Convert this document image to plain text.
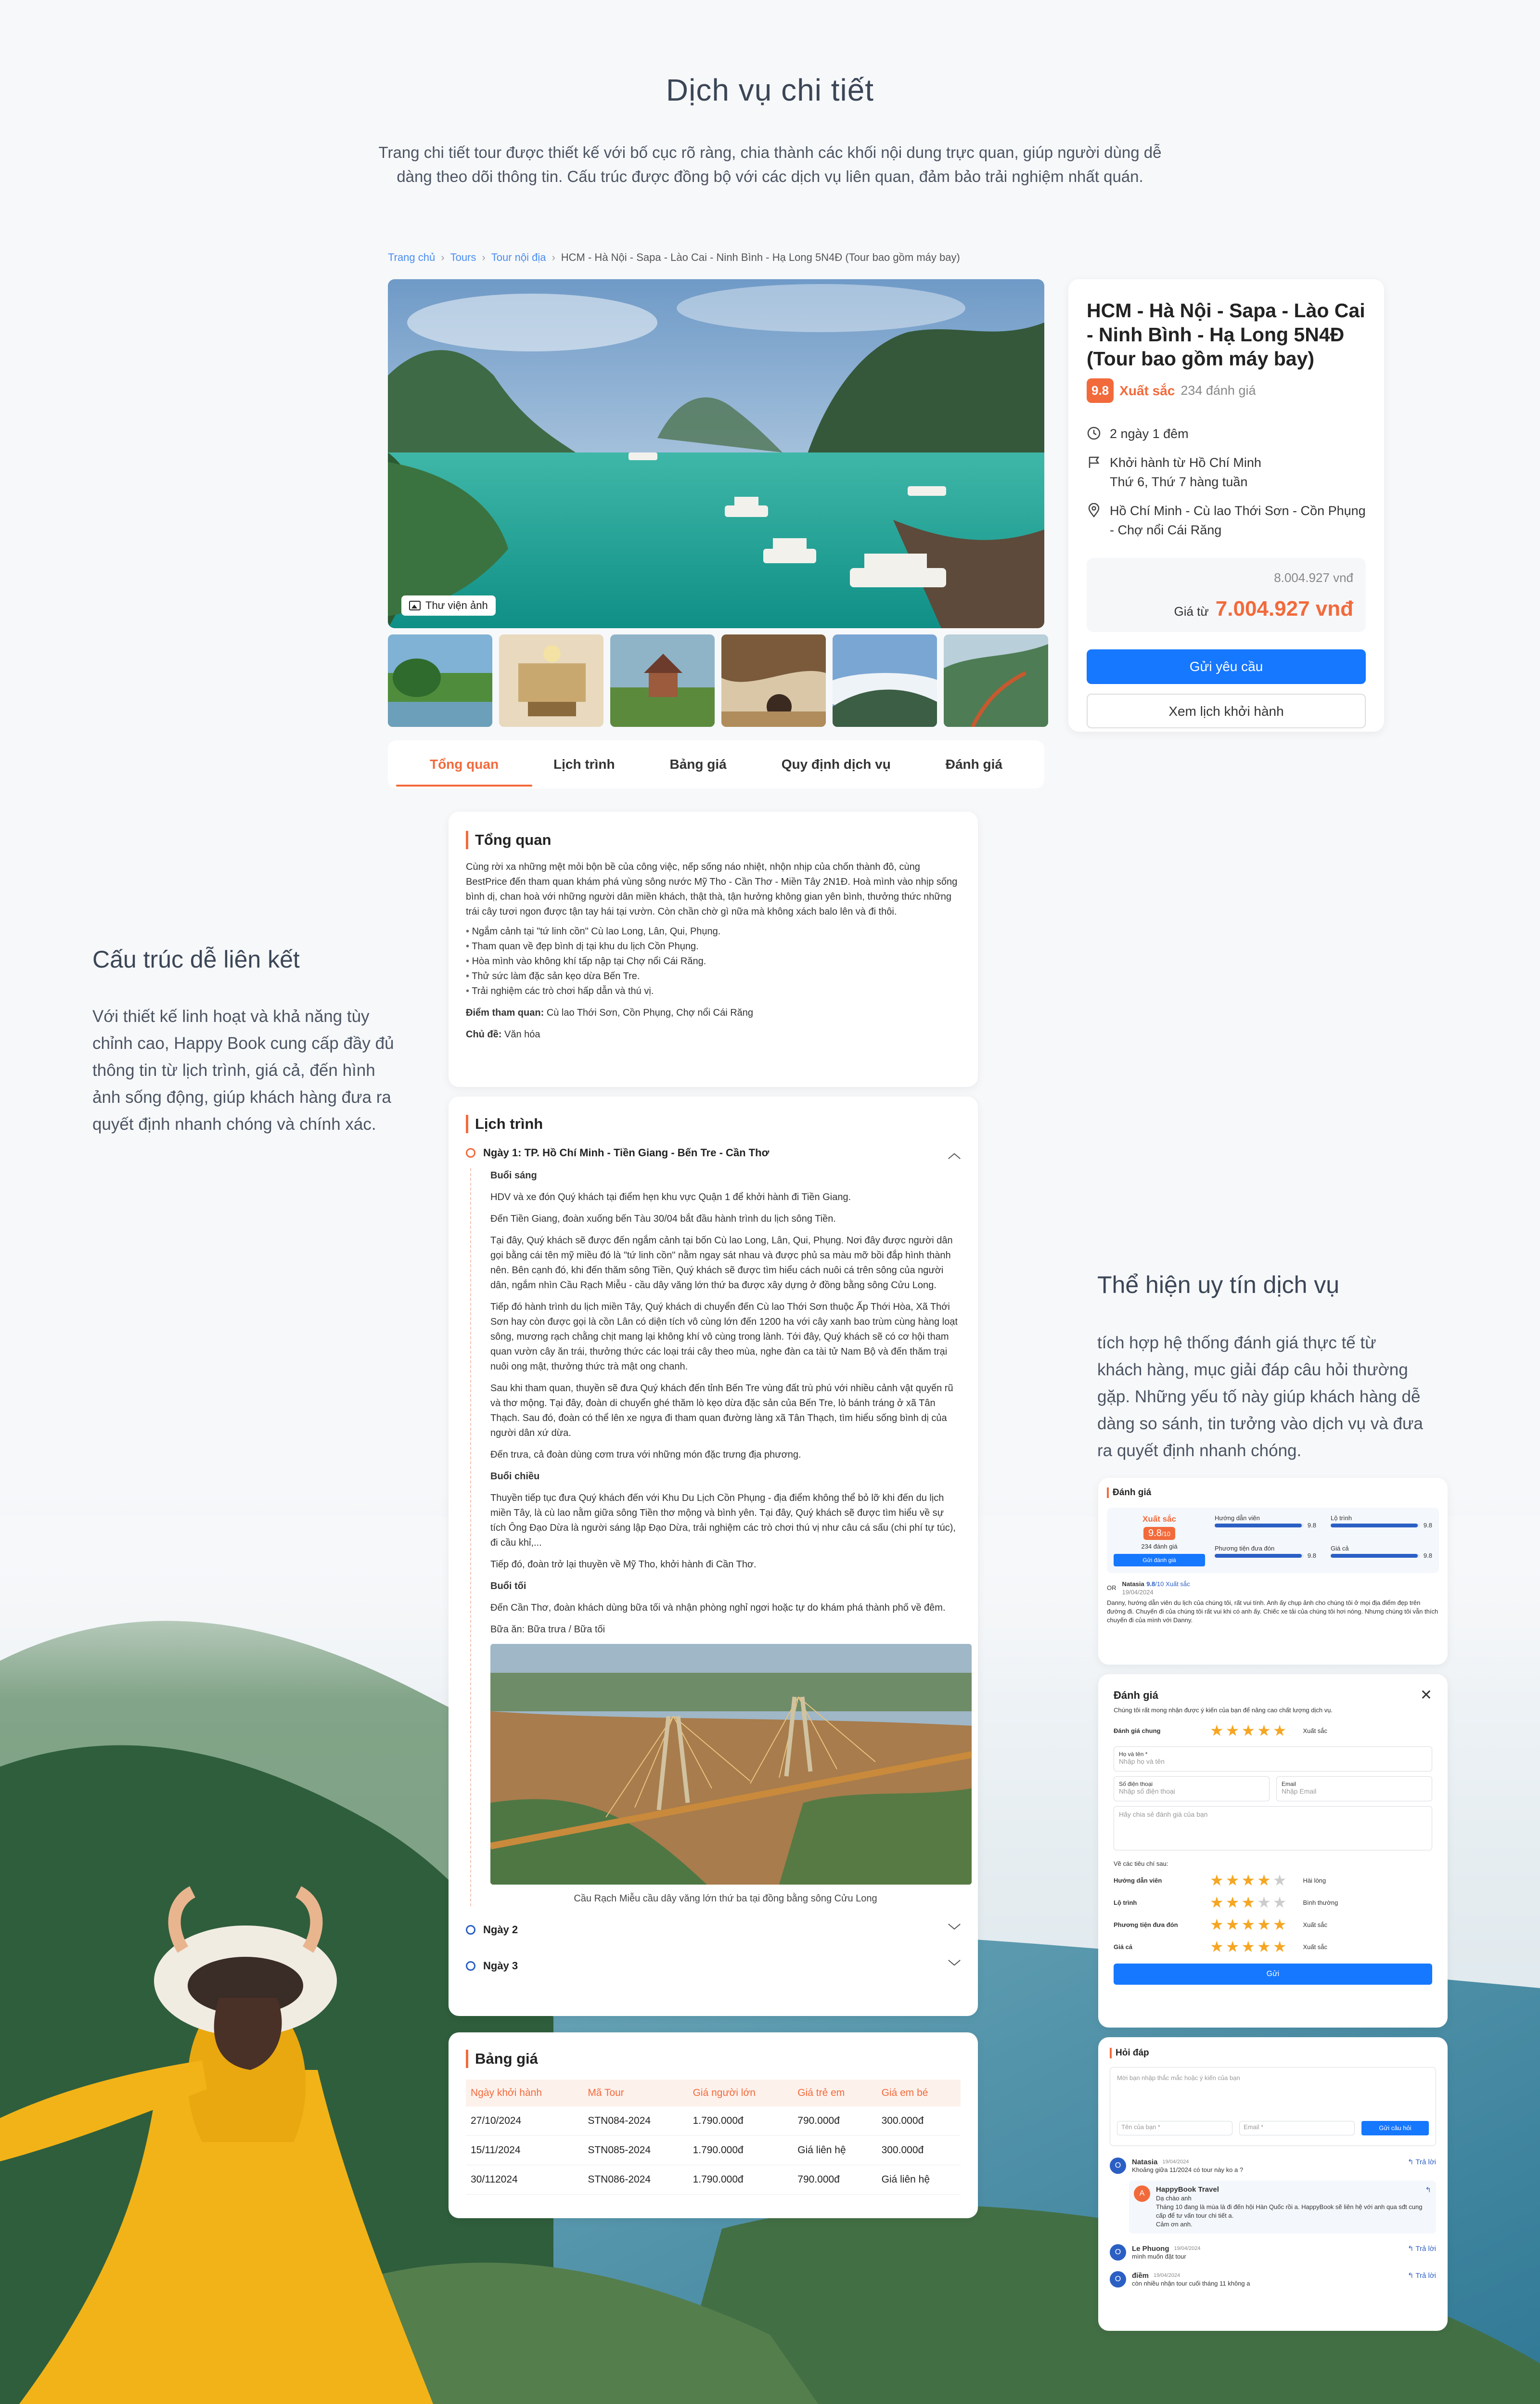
Dịch vụ chi tiết

Trang chi tiết tour được thiết kế với bố cục rõ ràng, chia thành các khối nội dung trực quan, giúp người dùng dễ dàng theo dõi thông tin. Cấu trúc được đồng bộ với các dịch vụ liên quan, đảm bảo trải nghiệm nhất quán.

Cấu trúc dễ liên kết
Với thiết kế linh hoạt và khả năng tùy chỉnh cao, Happy Book cung cấp đầy đủ thông tin từ lịch trình, giá cả, đến hình ảnh sống động, giúp khách hàng đưa ra quyết định nhanh chóng và chính xác.
Thể hiện uy tín dịch vụ
tích hợp hệ thống đánh giá thực tế từ khách hàng, mục giải đáp câu hỏi thường gặp. Những yếu tố này giúp khách hàng dễ dàng so sánh, tin tưởng vào dịch vụ và đưa ra quyết định nhanh chóng.
Trang chủ › Tours › Tour nội địa › HCM - Hà Nội - Sapa - Lào Cai - Ninh Bình - Hạ Long 5N4Đ (Tour bao gồm máy bay)
Thư viện ảnh
Tổng quan	Lịch trình	Bảng giá	Quy định dịch vụ	Đánh giá
HCM - Hà Nội - Sapa - Lào Cai - Ninh Bình - Hạ Long 5N4Đ (Tour bao gồm máy bay)
9.8 Xuất sắc 234 đánh giá
2 ngày 1 đêm
Khởi hành từ Hồ Chí Minh
Thứ 6, Thứ 7 hàng tuần
Hồ Chí Minh - Cù lao Thới Sơn - Cồn Phụng - Chợ nổi Cái Răng
8.004.927 vnđ
Giá từ 7.004.927 vnđ
Gửi yêu cầu
Xem lịch khởi hành
Tổng quan

Cùng rời xa những mệt mỏi bộn bề của công việc, nếp sống náo nhiệt, nhộn nhịp của chốn thành đô, cùng BestPrice đến tham quan khám phá vùng sông nước Mỹ Tho - Cần Thơ - Miền Tây 2N1Đ. Hoà mình vào nhịp sống bình dị, chan hoà với những người dân miền khách, thật thà, tận hưởng không gian yên bình, thưởng thức những trái cây tươi ngon được tận tay hái tại vườn. Còn chần chờ gì nữa mà không xách balo lên và đi thôi.

• Ngắm cảnh tại "tứ linh cồn" Cù lao Long, Lân, Qui, Phụng.
• Tham quan về đẹp bình dị tại khu du lịch Cồn Phụng.
• Hòa mình vào không khí tấp nập tại Chợ nổi Cái Răng.
• Thử sức làm đặc sản kẹo dừa Bến Tre.
• Trải nghiệm các trò chơi hấp dẫn và thú vị.

Điểm tham quan: Cù lao Thới Sơn, Cồn Phụng, Chợ nổi Cái Răng

Chủ đề: Văn hóa

Lịch trình
Ngày 1: TP. Hồ Chí Minh - Tiền Giang - Bến Tre - Cần Thơ	︿

Buổi sáng

HDV và xe đón Quý khách tại điểm hẹn khu vực Quận 1 để khởi hành đi Tiền Giang.

Đến Tiền Giang, đoàn xuống bến Tàu 30/04 bắt đầu hành trình du lịch sông Tiền.

Tại đây, Quý khách sẽ được đến ngắm cảnh tại bốn Cù lao Long, Lân, Qui, Phụng. Nơi đây được người dân gọi bằng cái tên mỹ miều đó là "tứ linh cồn" nằm ngay sát nhau và được phủ sa màu mỡ bồi đắp hình thành nên. Bên cạnh đó, khi đến thăm sông Tiền, Quý khách sẽ được tìm hiểu cách nuôi cá trên sông của người dân, ngắm nhìn Cầu Rạch Miễu - cầu dây văng lớn thứ ba được xây dựng ở đồng bằng sông Cửu Long.

Tiếp đó hành trình du lịch miền Tây, Quý khách di chuyển đến Cù lao Thới Sơn thuộc Ấp Thới Hòa, Xã Thới Sơn hay còn được gọi là cồn Lân có diện tích vô cùng lớn đến 1200 ha với cây xanh bao trùm cùng hàng loạt sông, mương rạch chằng chịt mang lại không khí vô cùng trong lành. Tới đây, Quý khách sẽ có cơ hội tham quan vườn cây ăn trái, thưởng thức các loại trái cây theo mùa, nghe đàn ca tài tử Nam Bộ và đến thăm trại nuôi ong mật, thưởng thức trà mật ong chanh.

Sau khi tham quan, thuyền sẽ đưa Quý khách đến tỉnh Bến Tre vùng đất trù phú với nhiều cảnh vật quyến rũ và thơ mộng. Tại đây, đoàn di chuyển ghé thăm lò kẹo dừa đặc sản của Bến Tre, lò bánh tráng ở xã Tân Thạch. Sau đó, đoàn có thể lên xe ngựa đi tham quan đường làng xã Tân Thạch, tìm hiểu sống bình dị của người dân xứ dừa.

Đến trưa, cả đoàn dùng cơm trưa với những món đặc trưng địa phương.

Buổi chiều

Thuyền tiếp tục đưa Quý khách đến với Khu Du Lịch Cồn Phụng - địa điểm không thể bỏ lỡ khi đến du lịch miền Tây, là cù lao nằm giữa sông Tiền thơ mộng và bình yên. Tại đây, Quý khách sẽ được tìm hiểu về sự tích Ông Đạo Dừa là người sáng lập Đạo Dừa, trải nghiệm các trò chơi thú vị như câu cá sấu (chi phí tự túc), đi cầu khỉ,...

Tiếp đó, đoàn trở lại thuyền về Mỹ Tho, khởi hành đi Cần Thơ.

Buổi tối

Đến Cần Thơ, đoàn khách dùng bữa tối và nhận phòng nghỉ ngơi hoặc tự do khám phá thành phố về đêm.

Bữa ăn: Bữa trưa / Bữa tối

Cầu Rạch Miễu cầu dây văng lớn thứ ba tại đồng bằng sông Cửu Long

Ngày 2	﹀
Ngày 3	﹀
Bảng giá
Ngày khởi hành	Mã Tour	Giá người lớn	Giá trẻ em	Giá em bé
27/10/2024	STN084-2024	1.790.000đ	790.000đ	300.000đ
15/11/2024	STN085-2024	1.790.000đ	Giá liên hệ	300.000đ
30/112024	STN086-2024	1.790.000đ	790.000đ	Giá liên hệ
Đánh giá
Xuất sắc
9.8/10
234 đánh giá
Gửi đánh giá
Hướng dẫn viên
9.8
Lộ trình
9.8
Phương tiện đưa đón
9.8
Giá cả
9.8
OR
Natasia 9.8/10 Xuất sắc
19/04/2024

Danny, hướng dẫn viên du lịch của chúng tôi, rất vui tính. Anh ấy chụp ảnh cho chúng tôi ở mọi địa điểm đẹp trên đường đi. Chuyến đi của chúng tôi rất vui khi có anh ấy. Chiếc xe tải của chúng tôi hơi nóng. Nhưng chúng tôi vẫn thích chuyến đi của mình với Danny.

Đánh giá	✕
Chúng tôi rất mong nhận được ý kiến của bạn để nâng cao chất lượng dịch vụ.
Đánh giá chung	★★★★★ Xuất sắc
Họ và tên *
Nhập họ và tên
Số điện thoại
Nhập số điện thoại
Email
Nhập Email
Hãy chia sẻ đánh giá của bạn
Về các tiêu chí sau:
Hướng dẫn viên	★★★★★ Hài lòng
Lộ trình	★★★★★ Bình thường
Phương tiện đưa đón	★★★★★ Xuất sắc
Giá cả	★★★★★ Xuất sắc
Gửi
Hỏi đáp
Mời bạn nhập thắc mắc hoặc ý kiến của bạn
Tên của bạn *	Email *	Gửi câu hỏi
O	Natasia 19/04/2024	↰ Trả lời
Khoảng giữa 11/2024 có tour này ko a ?
A	HappyBook Travel	↰
Dạ chào anh
Tháng 10 đang là mùa là đi đến hội Hàn Quốc rồi a. HappyBook sẽ liên hệ với anh qua sđt cung cấp để tư vấn tour chi tiết a.
Cảm ơn anh.
O	Le Phuong 19/04/2024	↰ Trả lời
mình muốn đặt tour
O	điềm 19/04/2024	↰ Trả lời
còn nhiều nhận tour cuối tháng 11 không a
